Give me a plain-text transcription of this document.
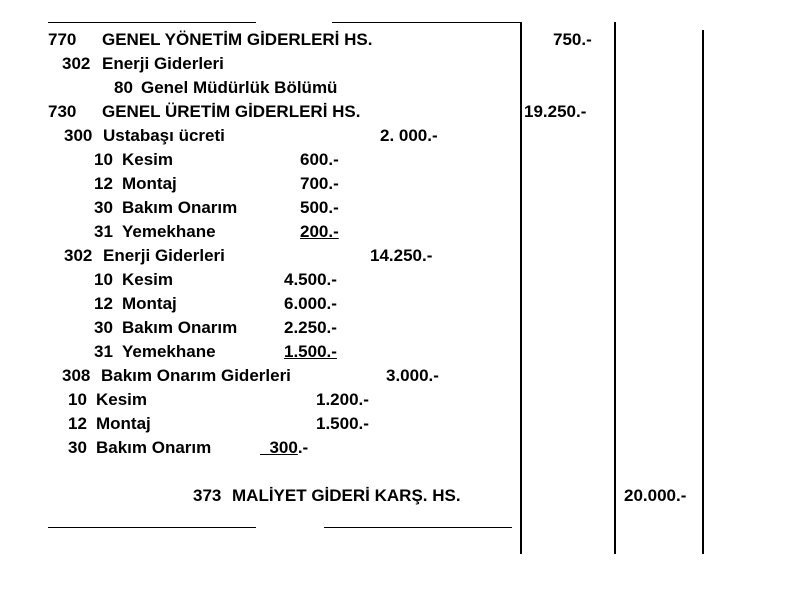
770 GENEL YÖNETİM GİDERLERİ HS.	750.-
302 Enerji Giderleri
80 Genel Müdürlük Bölümü
730 GENEL ÜRETİM GİDERLERİ HS.	19.250.-
300 Ustabaşı ücreti	2. 000.-
10 Kesim	600.-
12 Montaj	700.-
30 Bakım Onarım	500.-
31 Yemekhane	200.-
302 Enerji Giderleri	14.250.-
10 Kesim	4.500.-
12 Montaj	6.000.-
30 Bakım Onarım	2.250.-
31 Yemekhane	1.500.-
308 Bakım Onarım Giderleri	3.000.-
10 Kesim	1.200.-
12 Montaj	1.500.-
30 Bakım Onarım	300.-
373 MALİYET GİDERİ KARŞ. HS.	20.000.-
